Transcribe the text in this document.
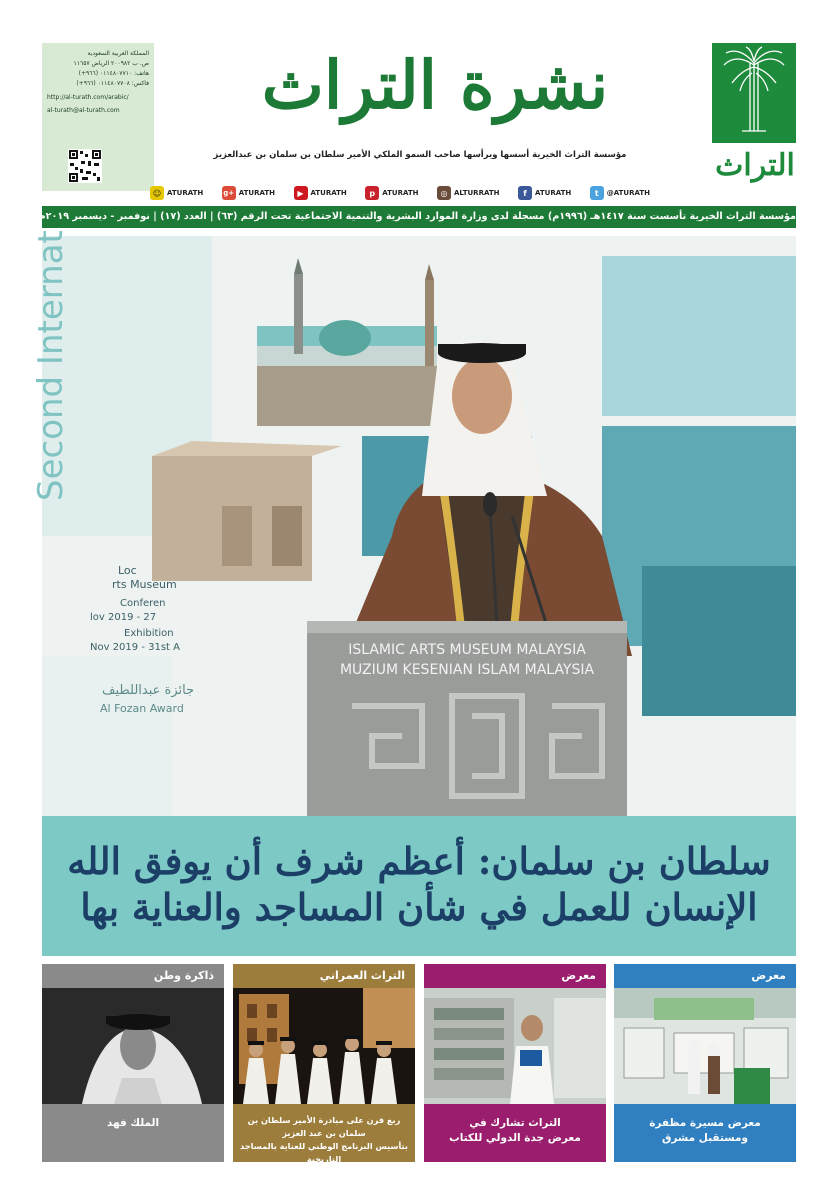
المملكة العربية السعودية
ص. ب ٢٠٠٩٨٢ الرياض ١١٦٥٧
هاتف: ٠١١٤٨٠٧٧١٠ (٩٦٦+)
فاكس: ٠١١٤٨٠٧٧٠٨ (٩٦٦+)
http://al-turath.com/arabic/
al-turath@al-turath.com	نشرة التراث
مؤسسة التراث الخيرية أسسها ويرأسها صاحب السمو الملكي الأمير سلطان بن سلمان بن عبدالعزيز	التراث
t	@ATURATH
f	ATURATH
◎ ALTURRATH
p	ATURATH
▶ ATURATH
g+ ATURATH
☺ ATURATH
مؤسسة التراث الخيرية تأسست سنة ١٤١٧هـ (١٩٩٦م) مسجلة لدى وزارة الموارد البشرية والتنمية الاجتماعية تحت الرقم (٦٣) | العدد (١٧) | نوفمبر - ديسمبر ٢٠١٩م
Second Internat
Loc
rts Museum
Conferen
lov 2019 - 27
Exhibition
Nov 2019 - 31st A
جائزة عبداللطيف
Al Fozan Award
ISLAMIC ARTS MUSEUM MALAYSIA
MUZIUM KESENIAN ISLAM MALAYSIA
سلطان بن سلمان: أعظم شرف أن يوفق الله
الإنسان للعمل في شأن المساجد والعناية بها
معرض
معرض مسيرة مظفرة
ومستقبل مشرق
معرض
التراث تشارك في
معرض جدة الدولي للكتاب
التراث العمراني
ربع قرن على مبادرة الأمير سلطان بن سلمان بن عبد العزيز
بتأسيس البرنامج الوطني للعناية بالمساجد التاريخية
ذاكرة وطن
الملك فهد
